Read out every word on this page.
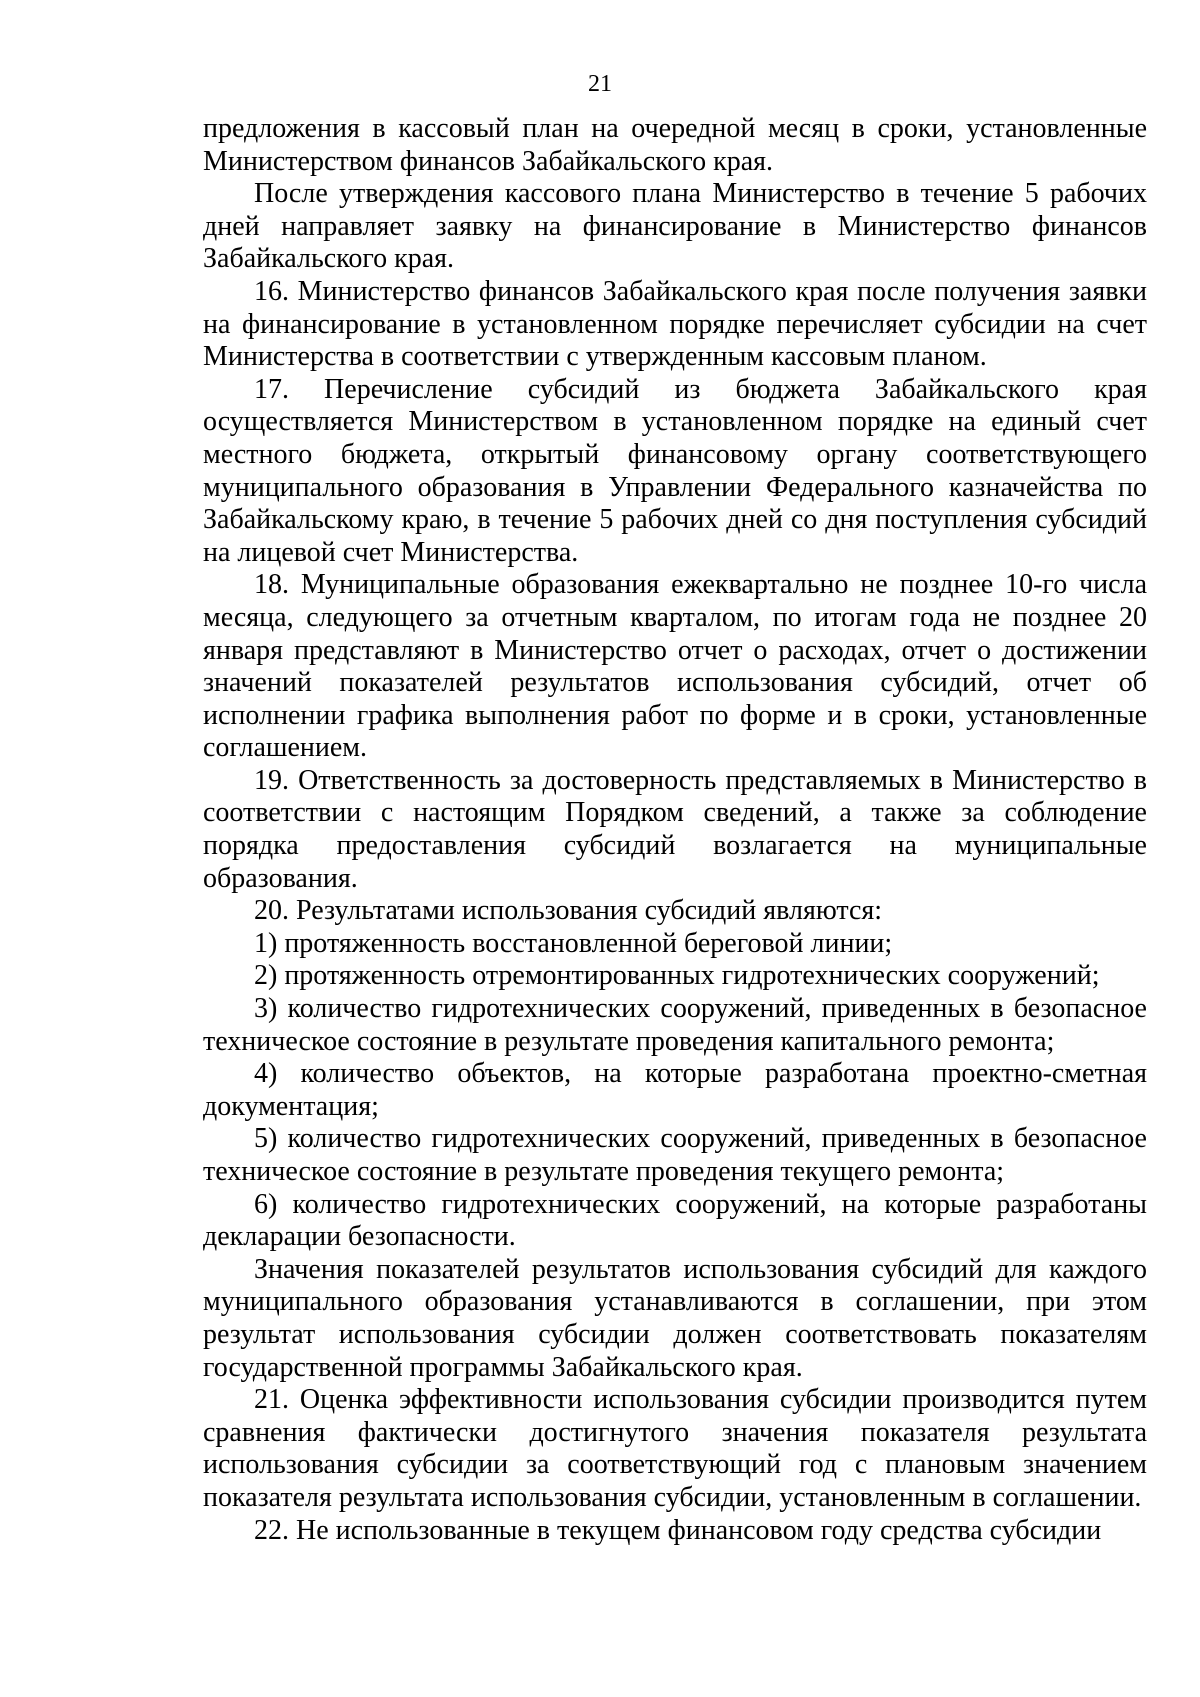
21

предложения в кассовый план на очередной месяц в сроки, установленные Министерством финансов Забайкальского края.

После утверждения кассового плана Министерство в течение 5 рабочих дней направляет заявку на финансирование в Министерство финансов Забайкальского края.

16. Министерство финансов Забайкальского края после получения заявки на финансирование в установленном порядке перечисляет субсидии на счет Министерства в соответствии с утвержденным кассовым планом.

17. Перечисление субсидий из бюджета Забайкальского края осуществляется Министерством в установленном порядке на единый счет местного бюджета, открытый финансовому органу соответствующего муниципального образования в Управлении Федерального казначейства по Забайкальскому краю, в течение 5 рабочих дней со дня поступления субсидий на лицевой счет Министерства.

18. Муниципальные образования ежеквартально не позднее 10-го числа месяца, следующего за отчетным кварталом, по итогам года не позднее 20 января представляют в Министерство отчет о расходах, отчет о достижении значений показателей результатов использования субсидий, отчет об исполнении графика выполнения работ по форме и в сроки, установленные соглашением.

19. Ответственность за достоверность представляемых в Министерство в соответствии с настоящим Порядком сведений, а также за соблюдение порядка предоставления субсидий возлагается на муниципальные образования.

20. Результатами использования субсидий являются:

1) протяженность восстановленной береговой линии;

2) протяженность отремонтированных гидротехнических сооружений;

3) количество гидротехнических сооружений, приведенных в безопасное техническое состояние в результате проведения капитального ремонта;

4) количество объектов, на которые разработана проектно-сметная документация;

5) количество гидротехнических сооружений, приведенных в безопасное техническое состояние в результате проведения текущего ремонта;

6) количество гидротехнических сооружений, на которые разработаны декларации безопасности.

Значения показателей результатов использования субсидий для каждого муниципального образования устанавливаются в соглашении, при этом результат использования субсидии должен соответствовать показателям государственной программы Забайкальского края.

21. Оценка эффективности использования субсидии производится путем сравнения фактически достигнутого значения показателя результата использования субсидии за соответствующий год с плановым значением показателя результата использования субсидии, установленным в соглашении.

22. Не использованные в текущем финансовом году средства субсидии
